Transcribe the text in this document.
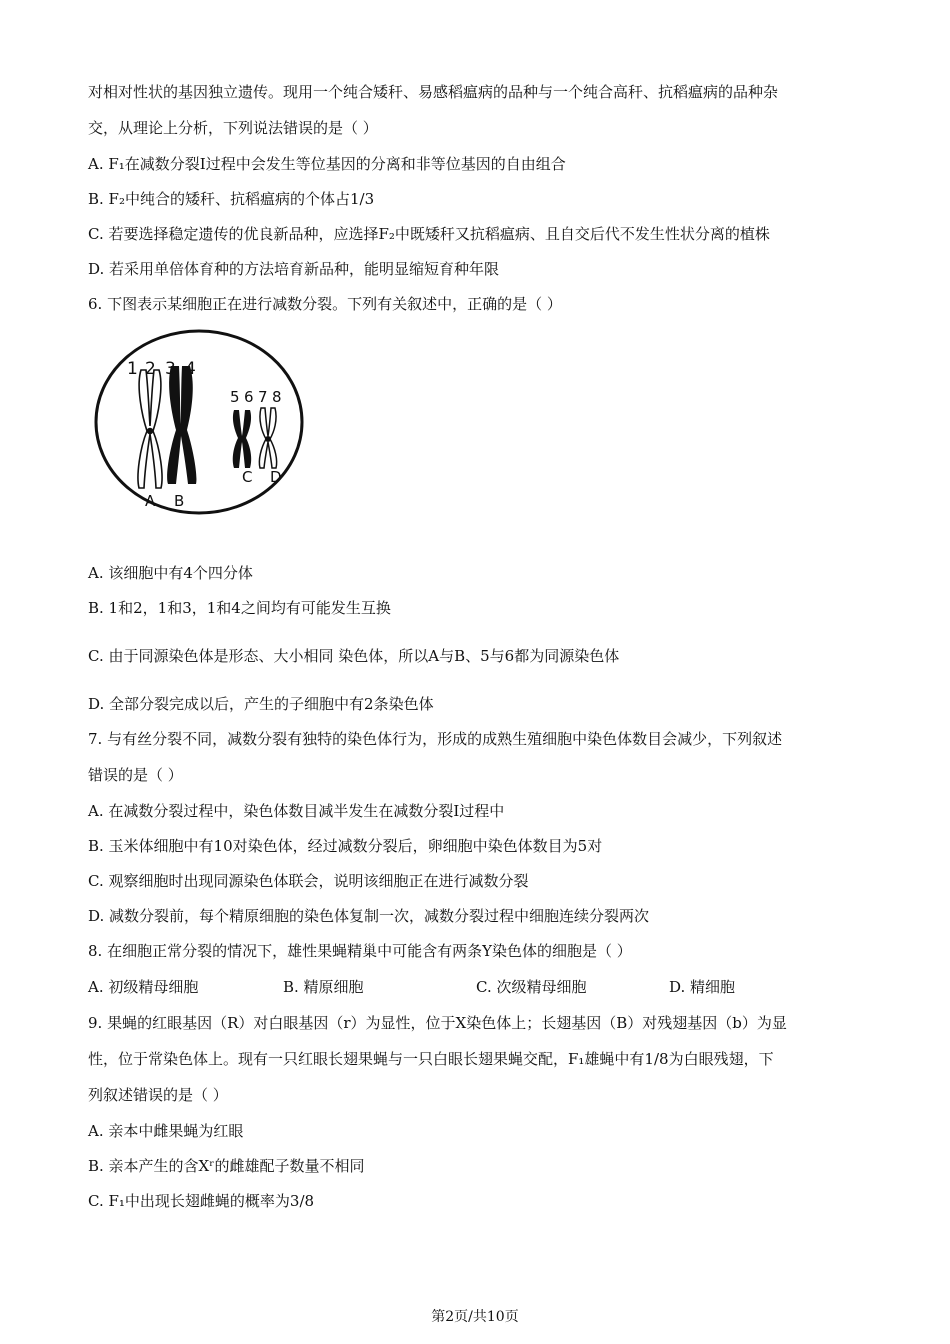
对相对性状的基因独立遗传。现用一个纯合矮秆、易感稻瘟病的品种与一个纯合高秆、抗稻瘟病的品种杂
交，从理论上分析，下列说法错误的是（ ）
A. F₁在减数分裂Ⅰ过程中会发生等位基因的分离和非等位基因的自由组合
B. F₂中纯合的矮秆、抗稻瘟病的个体占1/3
C. 若要选择稳定遗传的优良新品种，应选择F₂中既矮秆又抗稻瘟病、且自交后代不发生性状分离的植株
D. 若采用单倍体育种的方法培育新品种，能明显缩短育种年限
6. 下图表示某细胞正在进行减数分裂。下列有关叙述中，正确的是（ ）
1 2 3 4
5 6 7 8
A B
C D
A. 该细胞中有4个四分体
B. 1和2，1和3，1和4之间均有可能发生互换
C. 由于同源染色体是形态、大小相同 染色体，所以A与B、5与6都为同源染色体
D. 全部分裂完成以后，产生的子细胞中有2条染色体
7. 与有丝分裂不同，减数分裂有独特的染色体行为，形成的成熟生殖细胞中染色体数目会减少，下列叙述
错误的是（ ）
A. 在减数分裂过程中，染色体数目减半发生在减数分裂Ⅰ过程中
B. 玉米体细胞中有10对染色体，经过减数分裂后，卵细胞中染色体数目为5对
C. 观察细胞时出现同源染色体联会，说明该细胞正在进行减数分裂
D. 减数分裂前，每个精原细胞的染色体复制一次，减数分裂过程中细胞连续分裂两次
8. 在细胞正常分裂的情况下，雄性果蝇精巢中可能含有两条Y染色体的细胞是（ ）
A. 初级精母细胞	B. 精原细胞	C. 次级精母细胞	D. 精细胞
9. 果蝇的红眼基因（R）对白眼基因（r）为显性，位于X染色体上；长翅基因（B）对残翅基因（b）为显
性，位于常染色体上。现有一只红眼长翅果蝇与一只白眼长翅果蝇交配，F₁雄蝇中有1/8为白眼残翅，下
列叙述错误的是（ ）
A. 亲本中雌果蝇为红眼
B. 亲本产生的含Xʳ的雌雄配子数量不相同
C. F₁中出现长翅雌蝇的概率为3/8
第2页/共10页
